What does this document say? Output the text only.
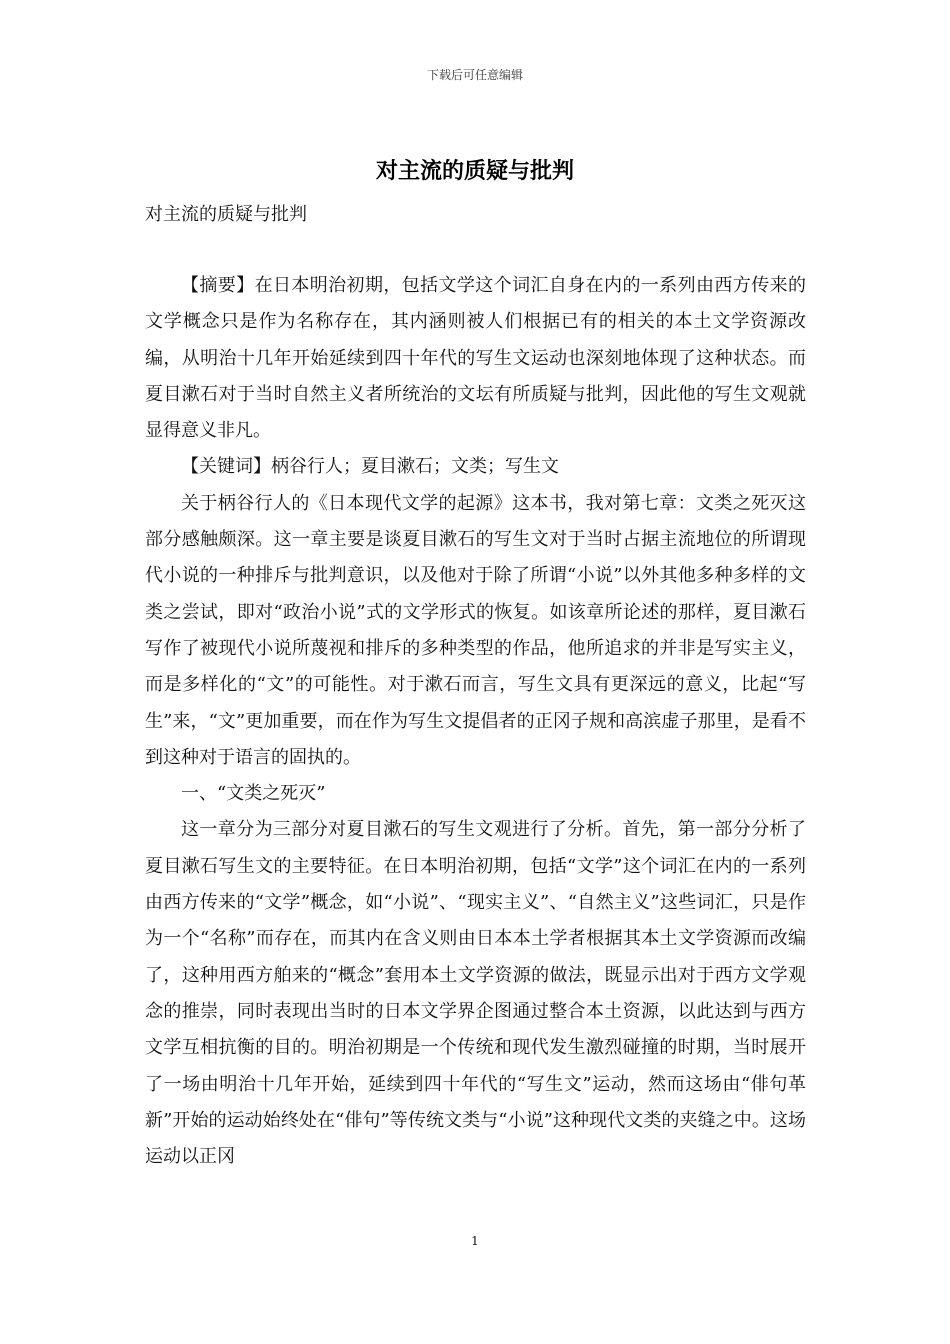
下载后可任意编辑
对主流的质疑与批判
对主流的质疑与批判

【摘要】在日本明治初期，包括文学这个词汇自身在内的一系列由西方传来的文学概念只是作为名称存在，其内涵则被人们根据已有的相关的本土文学资源改编，从明治十几年开始延续到四十年代的写生文运动也深刻地体现了这种状态。而夏目漱石对于当时自然主义者所统治的文坛有所质疑与批判，因此他的写生文观就显得意义非凡。

【关键词】柄谷行人；夏目漱石；文类；写生文

关于柄谷行人的《日本现代文学的起源》这本书，我对第七章：文类之死灭这部分感触颇深。这一章主要是谈夏目漱石的写生文对于当时占据主流地位的所谓现代小说的一种排斥与批判意识，以及他对于除了所谓“小说”以外其他多种多样的文类之尝试，即对“政治小说”式的文学形式的恢复。如该章所论述的那样，夏目漱石写作了被现代小说所蔑视和排斥的多种类型的作品，他所追求的并非是写实主义，而是多样化的“文”的可能性。对于漱石而言，写生文具有更深远的意义，比起“写生”来，“文”更加重要，而在作为写生文提倡者的正冈子规和高滨虚子那里，是看不到这种对于语言的固执的。

一、“文类之死灭”

这一章分为三部分对夏目漱石的写生文观进行了分析。首先，第一部分分析了夏目漱石写生文的主要特征。在日本明治初期，包括“文学”这个词汇在内的一系列由西方传来的“文学”概念，如“小说”、“现实主义”、“自然主义”这些词汇，只是作为一个“名称”而存在，而其内在含义则由日本本土学者根据其本土文学资源而改编了，这种用西方舶来的“概念”套用本土文学资源的做法，既显示出对于西方文学观念的推崇，同时表现出当时的日本文学界企图通过整合本土资源，以此达到与西方文学互相抗衡的目的。明治初期是一个传统和现代发生激烈碰撞的时期，当时展开了一场由明治十几年开始，延续到四十年代的“写生文”运动，然而这场由“俳句革新”开始的运动始终处在“俳句”等传统文类与“小说”这种现代文类的夹缝之中。这场运动以正冈

1
